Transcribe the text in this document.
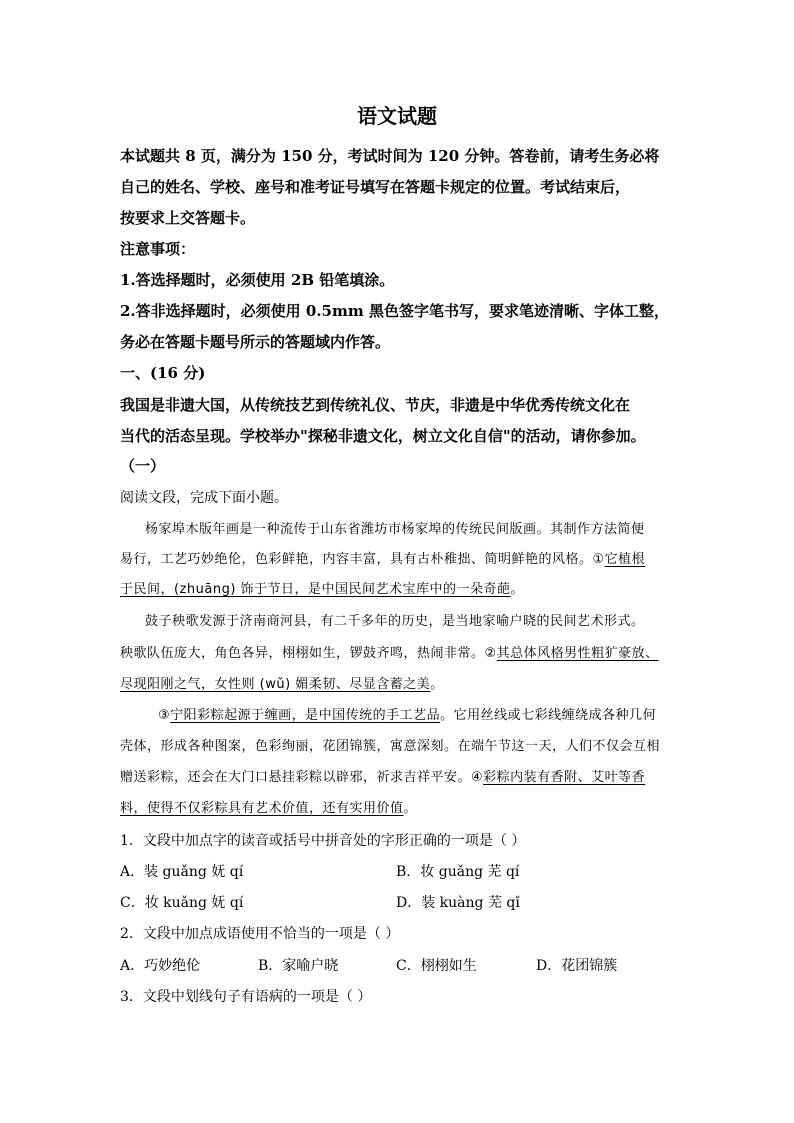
语文试题
本试题共 8 页，满分为 150 分，考试时间为 120 分钟。答卷前，请考生务必将
自己的姓名、学校、座号和准考证号填写在答题卡规定的位置。考试结束后，
按要求上交答题卡。
注意事项：
1.答选择题时，必须使用 2B 铅笔填涂。
2.答非选择题时，必须使用 0.5mm 黑色签字笔书写，要求笔迹清晰、字体工整，
务必在答题卡题号所示的答题域内作答。
一、(16 分)
我国是非遗大国，从传统技艺到传统礼仪、节庆，非遗是中华优秀传统文化在
当代的活态呈现。学校举办"探秘非遗文化，树立文化自信"的活动，请你参加。
（一）
阅读文段，完成下面小题。
杨家埠木版年画是一种流传于山东省潍坊市杨家埠的传统民间版画。其制作方法简便
易行，工艺巧妙绝伦，色彩鲜艳，内容丰富，具有古朴稚拙、简明鲜艳的风格。①它植根
于民间，(zhuāng) 饰于节日，是中国民间艺术宝库中的一朵奇葩。
鼓子秧歌发源于济南商河县，有二千多年的历史，是当地家喻户晓的民间艺术形式。
秧歌队伍庞大，角色各异，栩栩如生，锣鼓齐鸣，热闹非常。②其总体风格男性粗犷豪放、
尽现阳刚之气，女性则 (wǔ) 媚柔韧、尽显含蓄之美。
③宁阳彩粽起源于缠画，是中国传统的手工艺品。它用丝线或七彩线缠绕成各种几何
壳体，形成各种图案，色彩绚丽，花团锦簇，寓意深刻。在端午节这一天，人们不仅会互相
赠送彩粽，还会在大门口悬挂彩粽以辟邪，祈求吉祥平安。④彩粽内装有香附、艾叶等香
料，使得不仅彩粽具有艺术价值，还有实用价值。
1．文段中加点字的读音或括号中拼音处的字形正确的一项是（ ）
A．装 guǎng 妩 qí	B．妆 guǎng 芜 qí
C．妆 kuǎng 妩 qí	D．装 kuàng 芜 qǐ
2．文段中加点成语使用不恰当的一项是（ ）
A．巧妙绝伦	B．家喻户晓	C．栩栩如生	D．花团锦簇
3．文段中划线句子有语病的一项是（ ）
